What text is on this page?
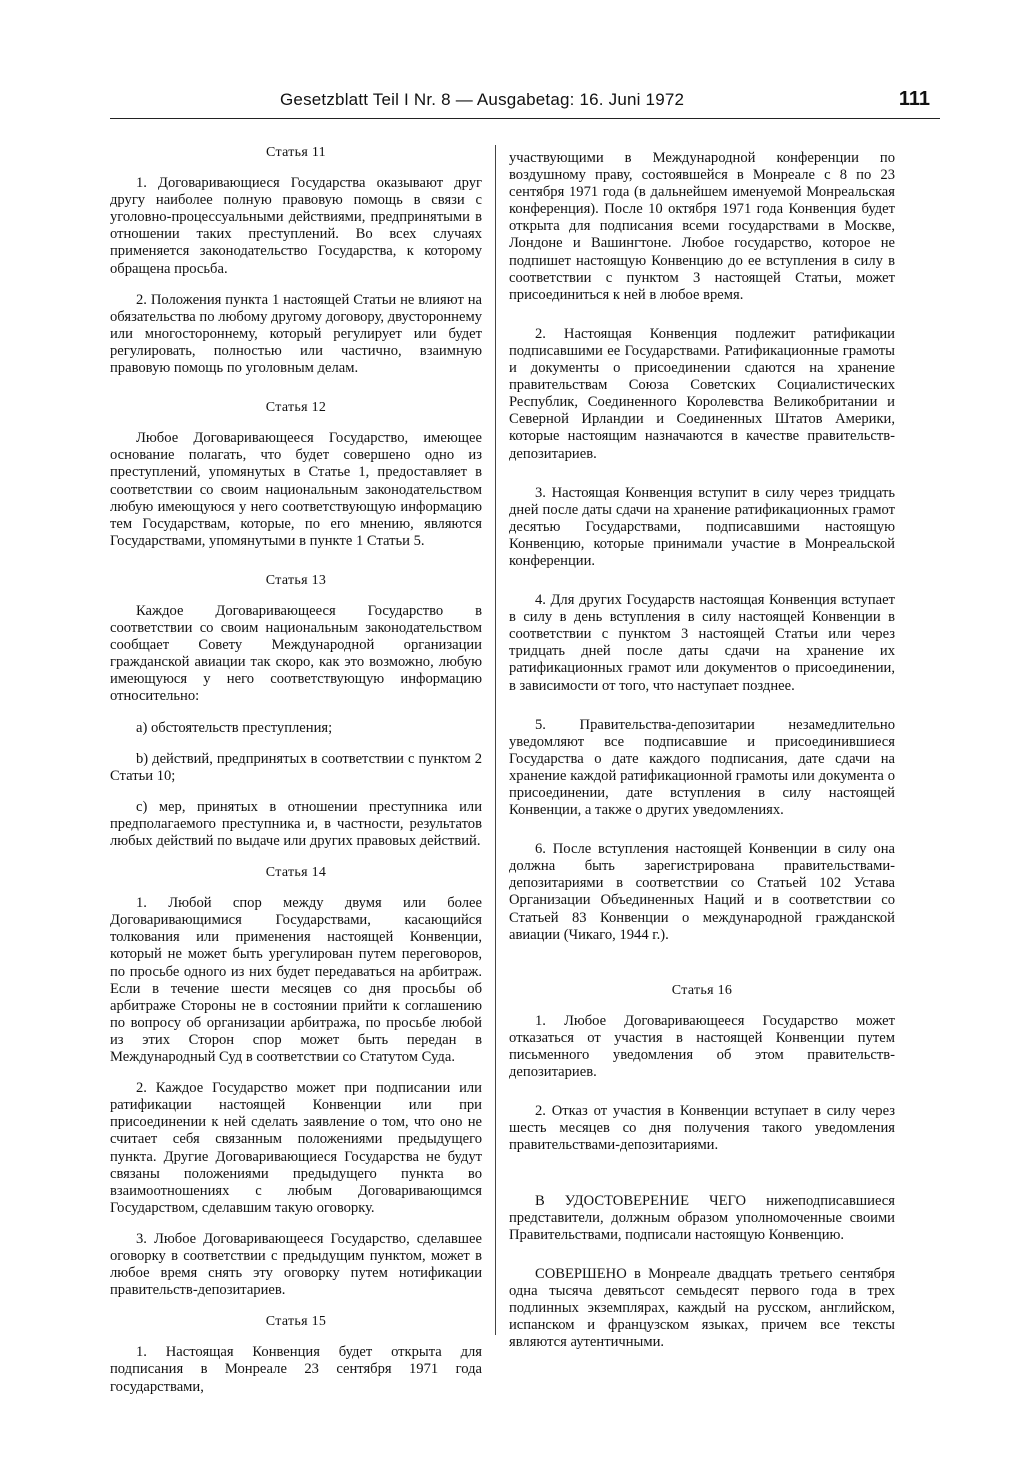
Gesetzblatt Teil I Nr. 8 — Ausgabetag: 16. Juni 1972	111
Статья 11

1. Договаривающиеся Государства оказывают друг другу наиболее полную правовую помощь в связи с уголовно-процессуальными действиями, предпринятыми в отношении таких преступлений. Во всех случаях применяется законодательство Государства, к которому обращена просьба.

2. Положения пункта 1 настоящей Статьи не влияют на обязательства по любому другому договору, двустороннему или многостороннему, который регулирует или будет регулировать, полностью или частично, взаимную правовую помощь по уголовным делам.

Статья 12

Любое Договаривающееся Государство, имеющее основание полагать, что будет совершено одно из преступлений, упомянутых в Статье 1, предоставляет в соответствии со своим национальным законодательством любую имеющуюся у него соответствующую информацию тем Государствам, которые, по его мнению, являются Государствами, упомянутыми в пункте 1 Статьи 5.

Статья 13

Каждое Договаривающееся Государство в соответствии со своим национальным законодательством сообщает Совету Международной организации гражданской авиации так скоро, как это возможно, любую имеющуюся у него соответствующую информацию относительно:

а) обстоятельств преступления;

b) действий, предпринятых в соответствии с пунктом 2 Статьи 10;

c) мер, принятых в отношении преступника или предполагаемого преступника и, в частности, результатов любых действий по выдаче или других правовых действий.

Статья 14

1. Любой спор между двумя или более Договаривающимися Государствами, касающийся толкования или применения настоящей Конвенции, который не может быть урегулирован путем переговоров, по просьбе одного из них будет передаваться на арбитраж. Если в течение шести месяцев со дня просьбы об арбитраже Стороны не в состоянии прийти к соглашению по вопросу об организации арбитража, по просьбе любой из этих Сторон спор может быть передан в Международный Суд в соответствии со Статутом Суда.

2. Каждое Государство может при подписании или ратификации настоящей Конвенции или при присоединении к ней сделать заявление о том, что оно не считает себя связанным положениями предыдущего пункта. Другие Договаривающиеся Государства не будут связаны положениями предыдущего пункта во взаимоотношениях с любым Договаривающимся Государством, сделавшим такую оговорку.

3. Любое Договаривающееся Государство, сделавшее оговорку в соответствии с предыдущим пунктом, может в любое время снять эту оговорку путем нотификации правительств-депозитариев.

Статья 15

1. Настоящая Конвенция будет открыта для подписания в Монреале 23 сентября 1971 года государствами,

участвующими в Международной конференции по воздушному праву, состоявшейся в Монреале с 8 по 23 сентября 1971 года (в дальнейшем именуемой Монреальская конференция). После 10 октября 1971 года Конвенция будет открыта для подписания всеми государствами в Москве, Лондоне и Вашингтоне. Любое государство, которое не подпишет настоящую Конвенцию до ее вступления в силу в соответствии с пунктом 3 настоящей Статьи, может присоединиться к ней в любое время.

2. Настоящая Конвенция подлежит ратификации подписавшими ее Государствами. Ратификационные грамоты и документы о присоединении сдаются на хранение правительствам Союза Советских Социалистических Республик, Соединенного Королевства Великобритании и Северной Ирландии и Соединенных Штатов Америки, которые настоящим назначаются в качестве правительств-депозитариев.

3. Настоящая Конвенция вступит в силу через тридцать дней после даты сдачи на хранение ратификационных грамот десятью Государствами, подписавшими настоящую Конвенцию, которые принимали участие в Монреальской конференции.

4. Для других Государств настоящая Конвенция вступает в силу в день вступления в силу настоящей Конвенции в соответствии с пунктом 3 настоящей Статьи или через тридцать дней после даты сдачи на хранение их ратификационных грамот или документов о присоединении, в зависимости от того, что наступает позднее.

5. Правительства-депозитарии незамедлительно уведомляют все подписавшие и присоединившиеся Государства о дате каждого подписания, дате сдачи на хранение каждой ратификационной грамоты или документа о присоединении, дате вступления в силу настоящей Конвенции, а также о других уведомлениях.

6. После вступления настоящей Конвенции в силу она должна быть зарегистрирована правительствами-депозитариями в соответствии со Статьей 102 Устава Организации Объединенных Наций и в соответствии со Статьей 83 Конвенции о международной гражданской авиации (Чикаго, 1944 г.).

Статья 16

1. Любое Договаривающееся Государство может отказаться от участия в настоящей Конвенции путем письменного уведомления об этом правительств-депозитариев.

2. Отказ от участия в Конвенции вступает в силу через шесть месяцев со дня получения такого уведомления правительствами-депозитариями.

В УДОСТОВЕРЕНИЕ ЧЕГО нижеподписавшиеся представители, должным образом уполномоченные своими Правительствами, подписали настоящую Конвенцию.

СОВЕРШЕНО в Монреале двадцать третьего сентября одна тысяча девятьсот семьдесят первого года в трех подлинных экземплярах, каждый на русском, английском, испанском и французском языках, причем все тексты являются аутентичными.
